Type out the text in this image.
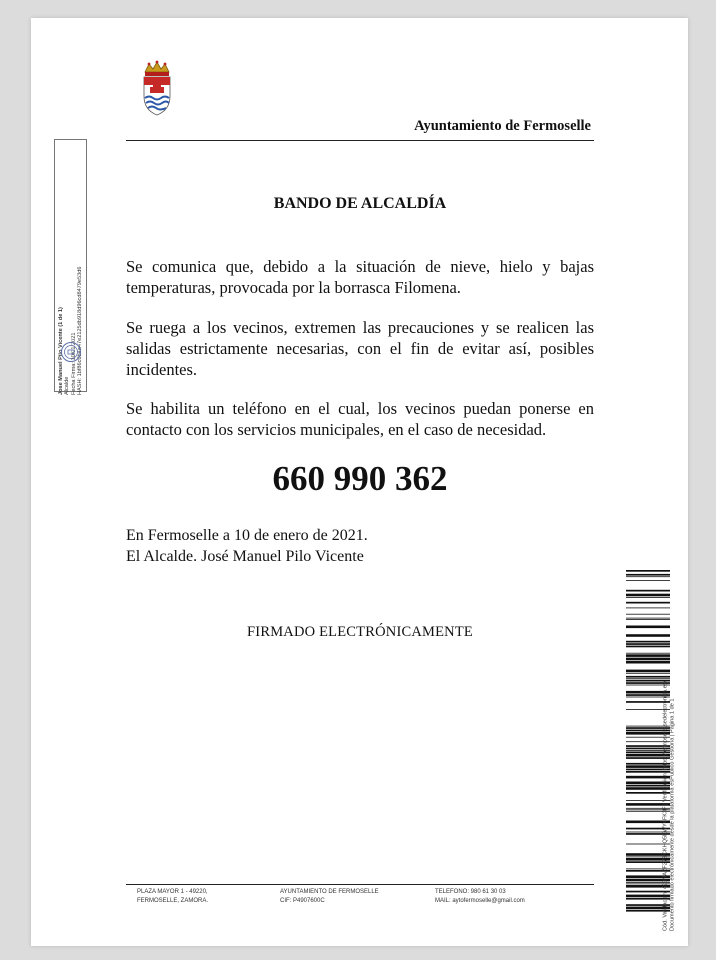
Ayuntamiento de Fermoselle
BANDO DE ALCALDÍA
Se comunica que, debido a la situación de nieve, hielo y bajas temperaturas, provocada por la borrasca Filomena.
Se ruega a los vecinos, extremen las precauciones y se realicen las salidas estrictamente necesarias, con el fin de evitar así, posibles incidentes.
Se habilita un teléfono en el cual, los vecinos puedan ponerse en contacto con los servicios municipales, en el caso de necesidad.
660 990 362
En Fermoselle a 10 de enero de 2021.
El Alcalde. José Manuel Pilo Vicente
FIRMADO ELECTRÓNICAMENTE
Jose Manuel Pilo Vicente (1 de 1) Alcalde Fecha Firma: 10/01/2021 HASH: 1bf86c0b4a47e2125db918d96cd8479e53d6
PLAZA MAYOR 1 - 49220,
FERMOSELLE, ZAMORA.
AYUNTAMIENTO DE FERMOSELLE
CIF: P4907600C
TELEFONO: 980 61 30 03
MAIL: aytofermoselle@gmail.com	Cód. Validación: 423NAZF27SCKHQ5EWY4FK3F | Verificación: https://fermoselle.sedelectronica.es/ Documento firmado electrónicamente desde la plataforma esPublico Gestiona | Página 1 de 1
